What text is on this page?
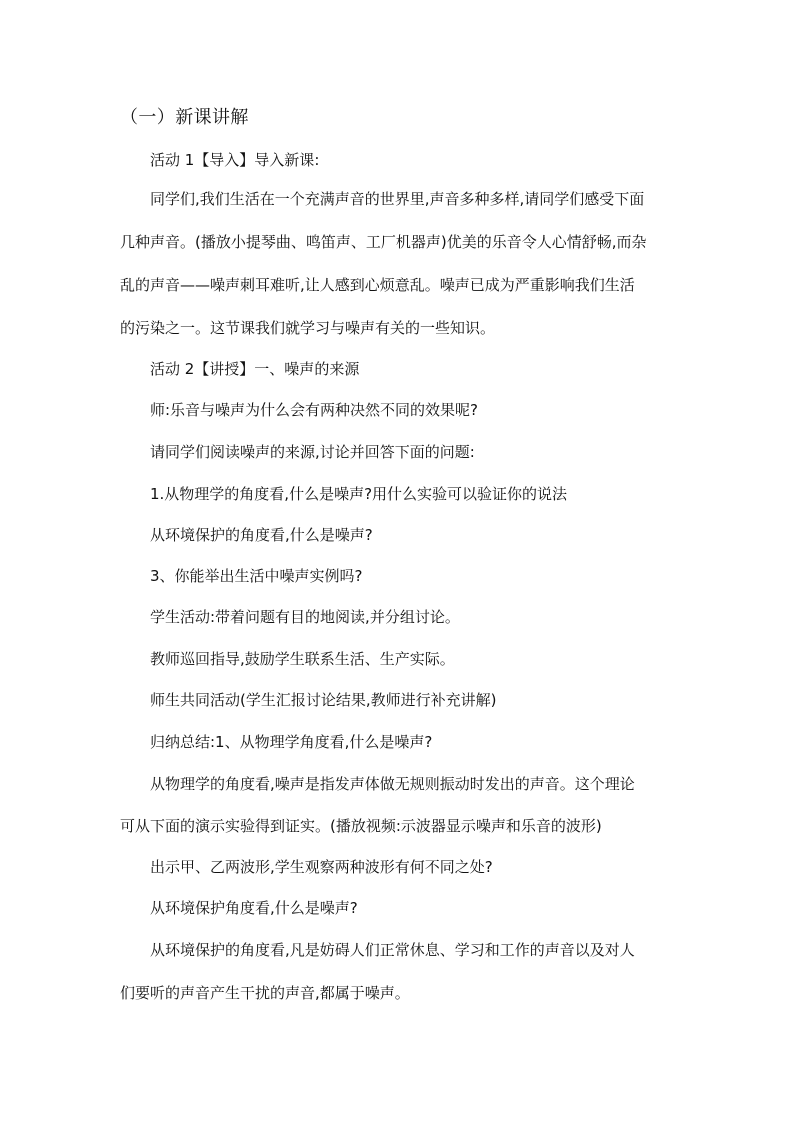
（一）新课讲解
活动 1【导入】导入新课:
同学们,我们生活在一个充满声音的世界里,声音多种多样,请同学们感受下面
几种声音。(播放小提琴曲、鸣笛声、工厂机器声)优美的乐音令人心情舒畅,而杂
乱的声音——噪声刺耳难听,让人感到心烦意乱。噪声已成为严重影响我们生活
的污染之一。这节课我们就学习与噪声有关的一些知识。
活动 2【讲授】一、噪声的来源
师:乐音与噪声为什么会有两种决然不同的效果呢?
请同学们阅读噪声的来源,讨论并回答下面的问题:
1.从物理学的角度看,什么是噪声?用什么实验可以验证你的说法
从环境保护的角度看,什么是噪声?
3、你能举出生活中噪声实例吗?
学生活动:带着问题有目的地阅读,并分组讨论。
教师巡回指导,鼓励学生联系生活、生产实际。
师生共同活动(学生汇报讨论结果,教师进行补充讲解)
归纳总结:1、从物理学角度看,什么是噪声?
从物理学的角度看,噪声是指发声体做无规则振动时发出的声音。这个理论
可从下面的演示实验得到证实。(播放视频:示波器显示噪声和乐音的波形)
出示甲、乙两波形,学生观察两种波形有何不同之处?
从环境保护角度看,什么是噪声?
从环境保护的角度看,凡是妨碍人们正常休息、学习和工作的声音以及对人
们要听的声音产生干扰的声音,都属于噪声。
